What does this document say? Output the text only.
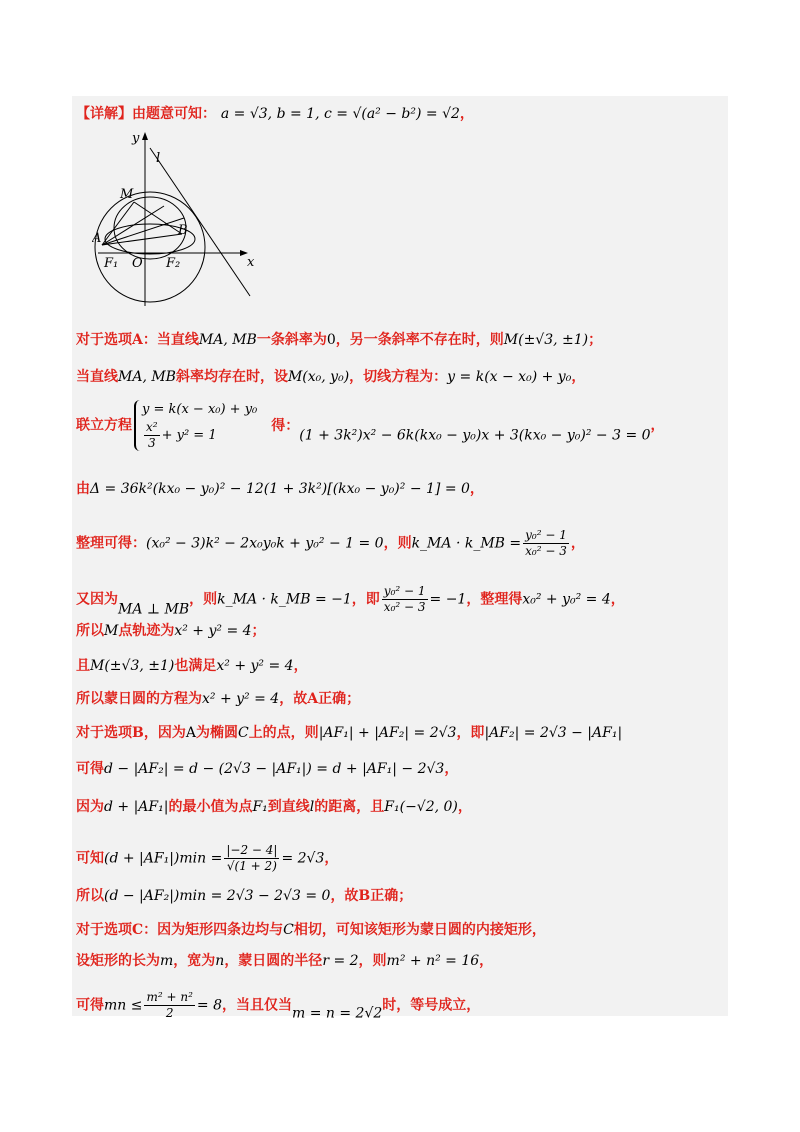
【详解】由题意可知： a = √3, b = 1, c = √(a² − b²) = √2，
y
l
x
M
A
B
F₁ O F₂
对于选项A：当直线MA, MB一条斜率为0，另一条斜率不存在时，则M(±√3, ±1)；
当直线MA, MB斜率均存在时，设M(x₀, y₀)，切线方程为：y = k(x − x₀) + y₀，
联立方程
y = k(x − x₀) + y₀
$\frac{\text{x²}}{3} + y^2 = 1$
得：(1 + 3k²)x² − 6k(kx₀ − y₀)x + 3(kx₀ − y₀)² − 3 = 0，
由Δ = 36k²(kx₀ − y₀)² − 12(1 + 3k²)[(kx₀ − y₀)² − 1] = 0，
整理可得：(x₀² − 3)k² − 2x₀y₀k + y₀² − 1 = 0，则k_MA · k_MB = $\frac{\text{y₀² − 1}}{\text{x₀² − 3}}$ ，
又因为MA ⊥ MB，则k_MA · k_MB = −1，即 $\frac{\text{y₀² − 1}}{\text{x₀² − 3}} = -1$，整理得x₀² + y₀² = 4，
所以M点轨迹为x² + y² = 4；
且M(±√3, ±1)也满足x² + y² = 4，
所以蒙日圆的方程为x² + y² = 4，故A正确；
对于选项B，因为A为椭圆C上的点，则|AF₁| + |AF₂| = 2√3，即|AF₂| = 2√3 − |AF₁|
可得d − |AF₂| = d − (2√3 − |AF₁|) = d + |AF₁| − 2√3，
因为d + |AF₁|的最小值为点F₁到直线l的距离，且F₁(−√2, 0)，
可知$(d + |AF_1|)\min = \frac{|-2 - 4|}{√(1 + 2)} = 2√3$，
所以(d − |AF₂|)min = 2√3 − 2√3 = 0，故B正确；
对于选项C：因为矩形四条边均与C相切，可知该矩形为蒙日圆的内接矩形，
设矩形的长为m，宽为n，蒙日圆的半径r = 2，则m² + n² = 16，
可得mn ≤ $\frac{\text{m² + n²}}{2} = 8$，当且仅当m = n = 2√2时，等号成立，
